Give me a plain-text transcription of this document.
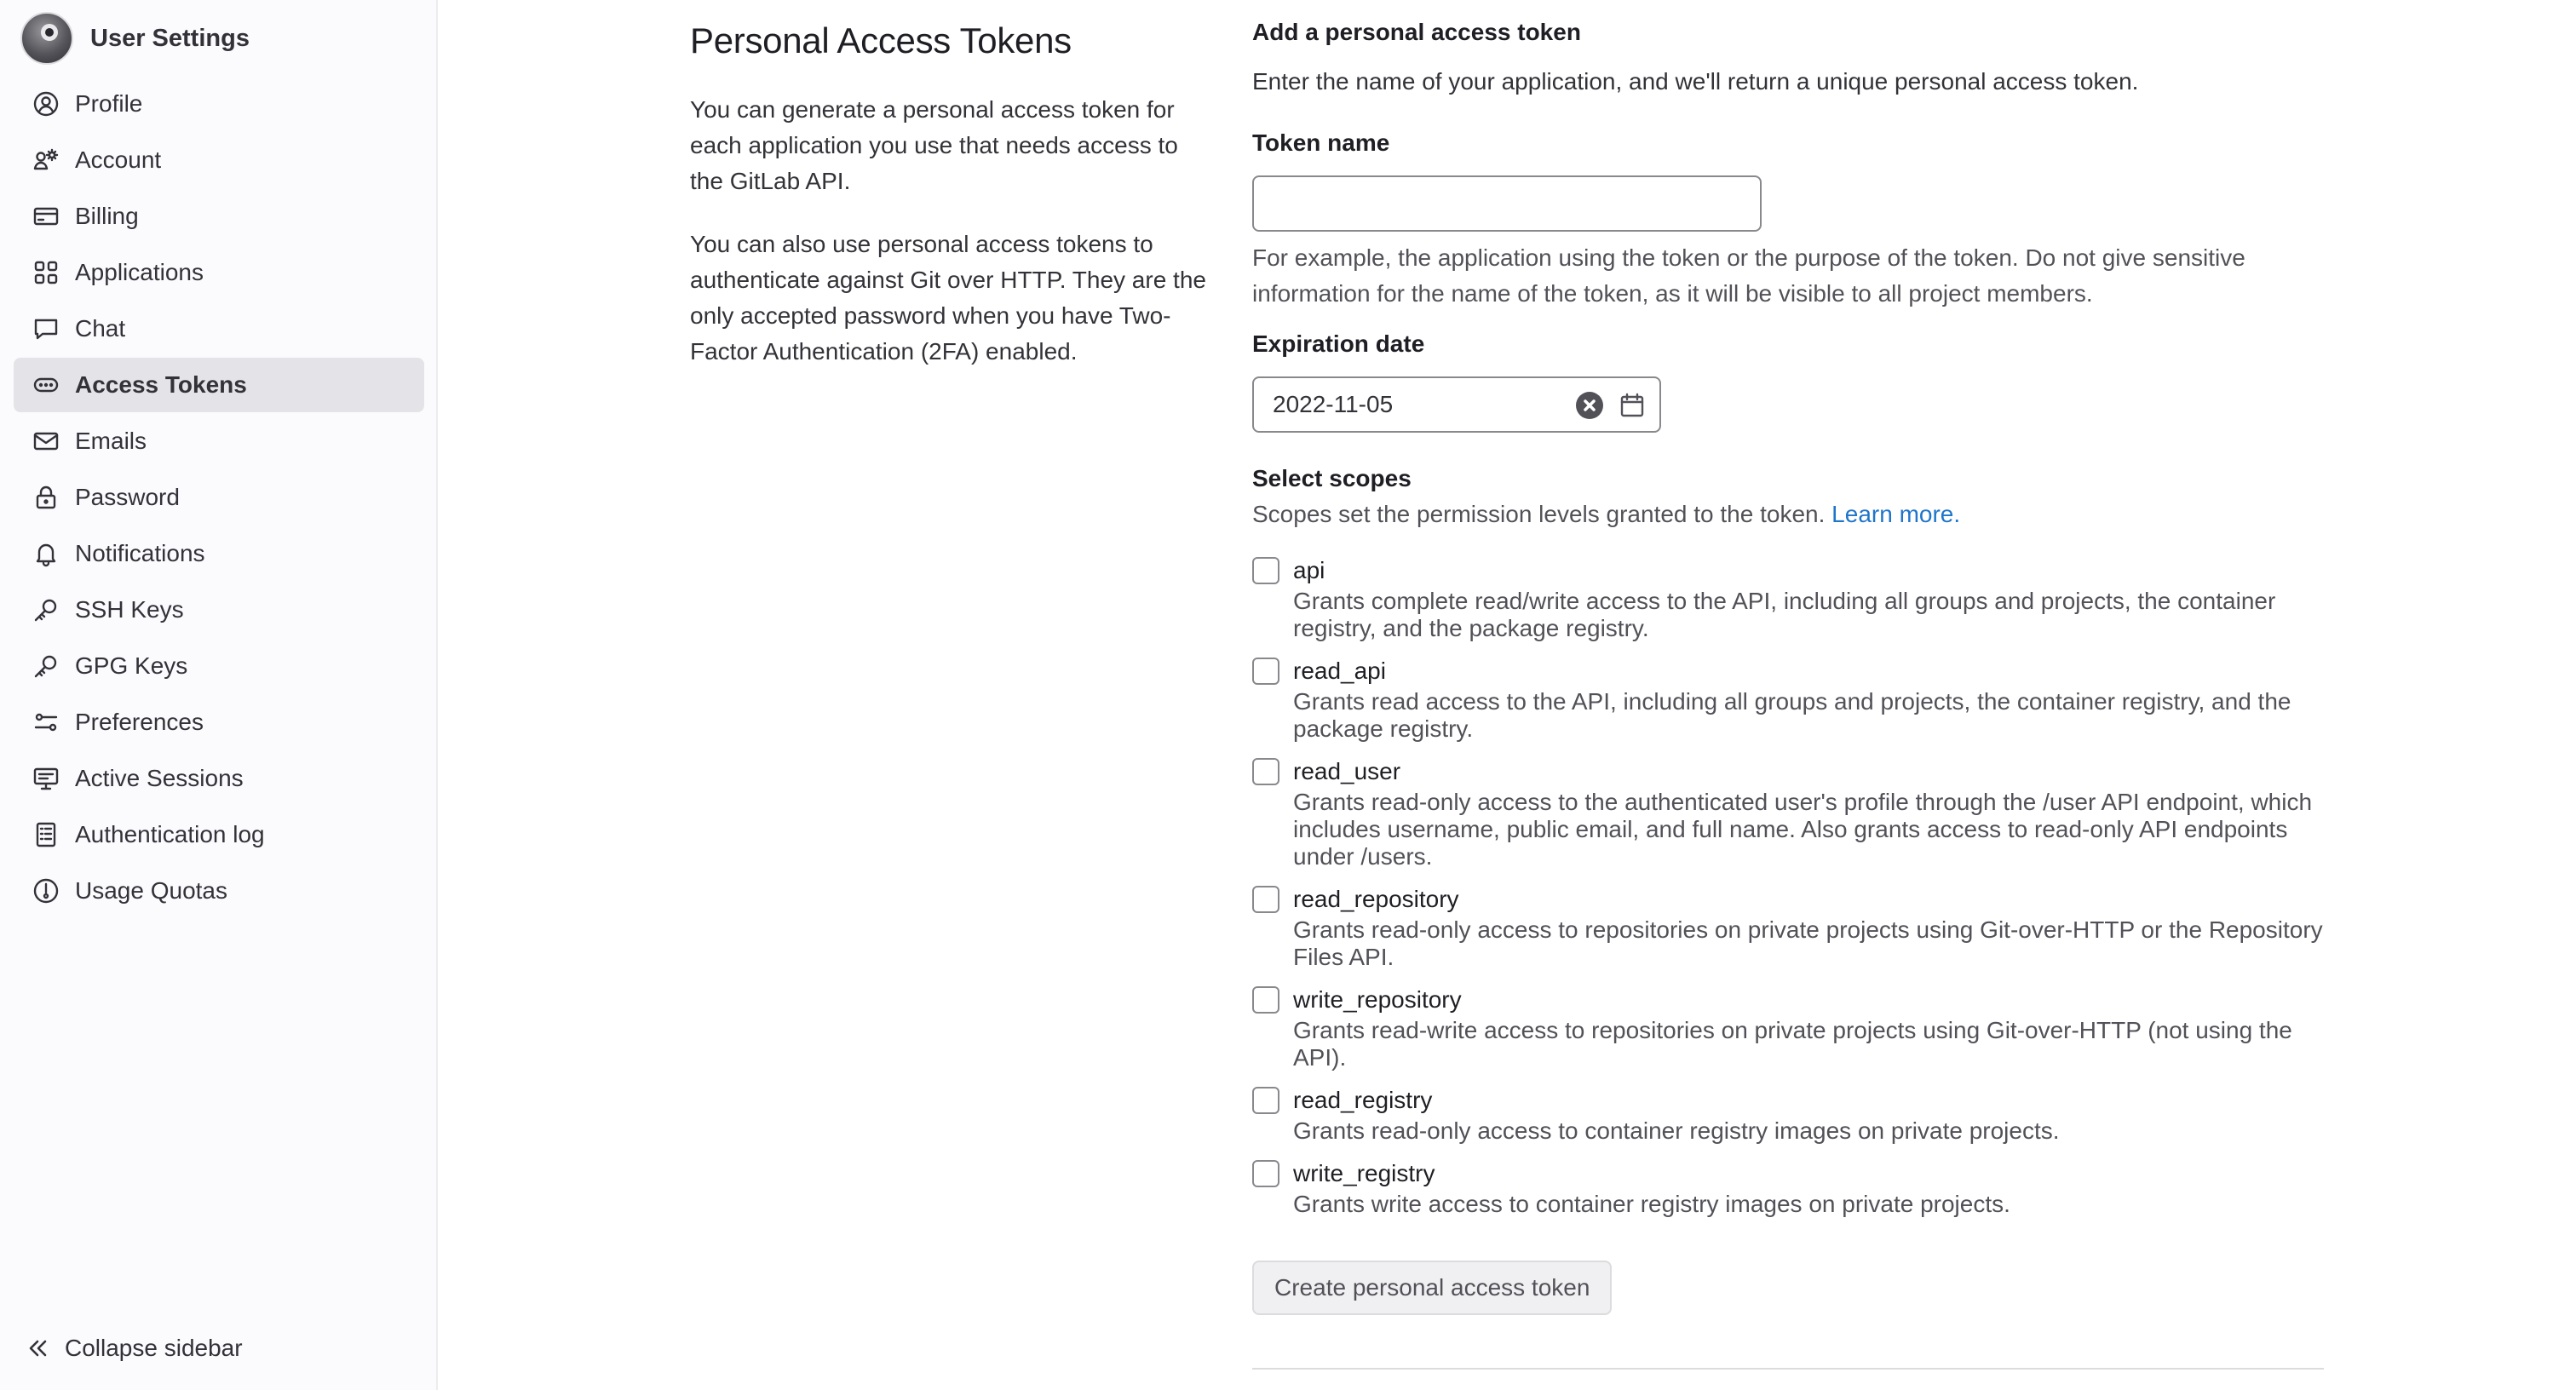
User Settings
Profile
Account
Billing
Applications
Chat
Access Tokens
Emails
Password
Notifications
SSH Keys
GPG Keys
Preferences
Active Sessions
Authentication log
Usage Quotas
Collapse sidebar
Personal Access Tokens

You can generate a personal access token for each application you use that needs access to the GitLab API.

You can also use personal access tokens to authenticate against Git over HTTP. They are the only accepted password when you have Two-Factor Authentication (2FA) enabled.

Add a personal access token
Enter the name of your application, and we'll return a unique personal access token.
Token name
For example, the application using the token or the purpose of the token. Do not give sensitive information for the name of the token, as it will be visible to all project members.
Expiration date
2022-11-05
Select scopes
Scopes set the permission levels granted to the token. Learn more.
api
Grants complete read/write access to the API, including all groups and projects, the container registry, and the package registry.
read_api
Grants read access to the API, including all groups and projects, the container registry, and the package registry.
read_user
Grants read-only access to the authenticated user's profile through the /user API endpoint, which includes username, public email, and full name. Also grants access to read-only API endpoints under /users.
read_repository
Grants read-only access to repositories on private projects using Git-over-HTTP or the Repository Files API.
write_repository
Grants read-write access to repositories on private projects using Git-over-HTTP (not using the API).
read_registry
Grants read-only access to container registry images on private projects.
write_registry
Grants write access to container registry images on private projects.
Create personal access token
